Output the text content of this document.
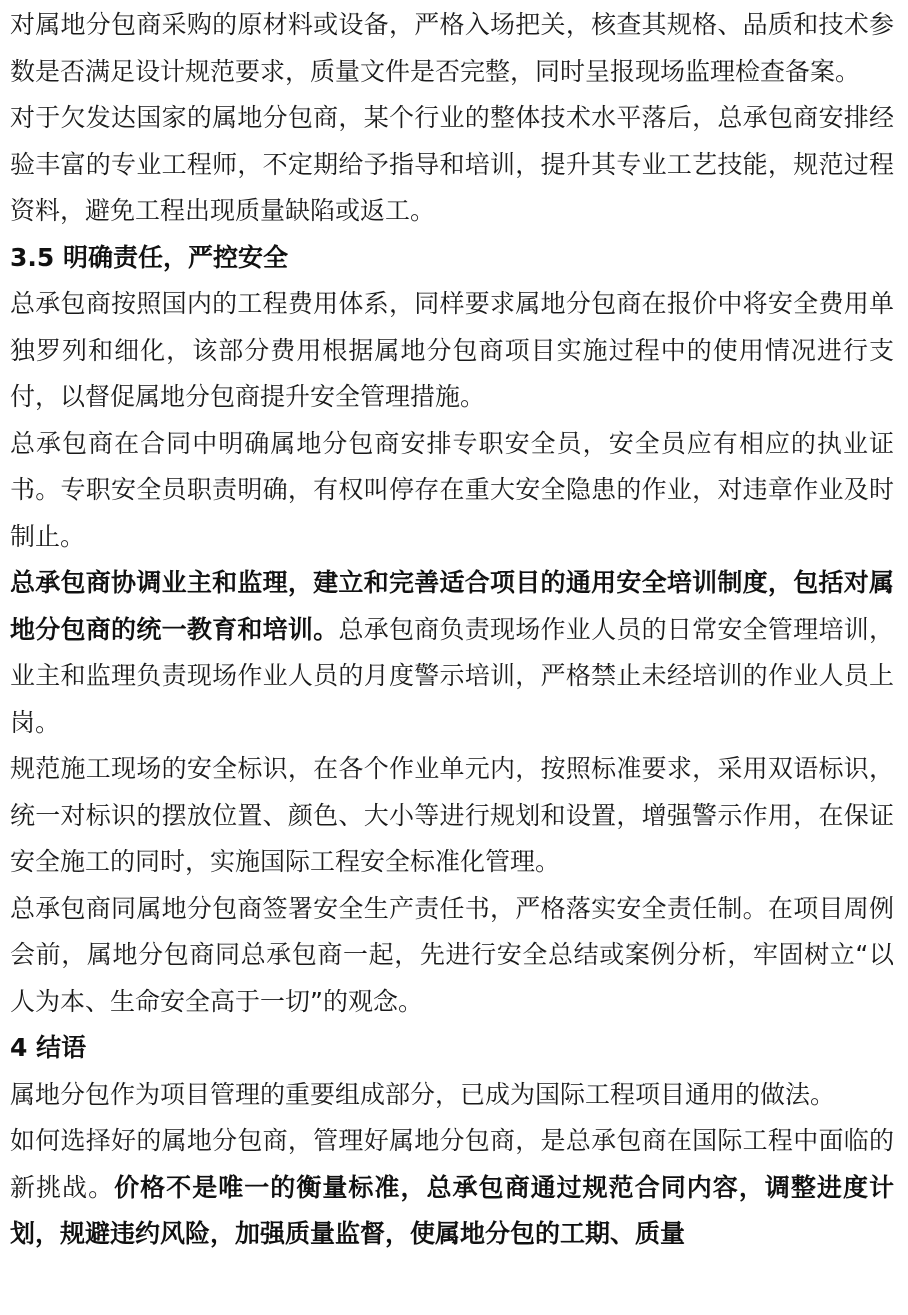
对属地分包商采购的原材料或设备，严格入场把关，核查其规格、品质和技术参数是否满足设计规范要求，质量文件是否完整，同时呈报现场监理检查备案。

对于欠发达国家的属地分包商，某个行业的整体技术水平落后，总承包商安排经验丰富的专业工程师，不定期给予指导和培训，提升其专业工艺技能，规范过程资料，避免工程出现质量缺陷或返工。

3.5 明确责任，严控安全

总承包商按照国内的工程费用体系，同样要求属地分包商在报价中将安全费用单独罗列和细化，该部分费用根据属地分包商项目实施过程中的使用情况进行支付，以督促属地分包商提升安全管理措施。

总承包商在合同中明确属地分包商安排专职安全员，安全员应有相应的执业证书。专职安全员职责明确，有权叫停存在重大安全隐患的作业，对违章作业及时制止。

总承包商协调业主和监理，建立和完善适合项目的通用安全培训制度，包括对属地分包商的统一教育和培训。总承包商负责现场作业人员的日常安全管理培训，业主和监理负责现场作业人员的月度警示培训，严格禁止未经培训的作业人员上岗。

规范施工现场的安全标识，在各个作业单元内，按照标准要求，采用双语标识，统一对标识的摆放位置、颜色、大小等进行规划和设置，增强警示作用，在保证安全施工的同时，实施国际工程安全标准化管理。

总承包商同属地分包商签署安全生产责任书，严格落实安全责任制。在项目周例会前，属地分包商同总承包商一起，先进行安全总结或案例分析，牢固树立“以人为本、生命安全高于一切”的观念。

4 结语

属地分包作为项目管理的重要组成部分，已成为国际工程项目通用的做法。

如何选择好的属地分包商，管理好属地分包商，是总承包商在国际工程中面临的新挑战。价格不是唯一的衡量标准，总承包商通过规范合同内容，调整进度计划，规避违约风险，加强质量监督，使属地分包的工期、质量
